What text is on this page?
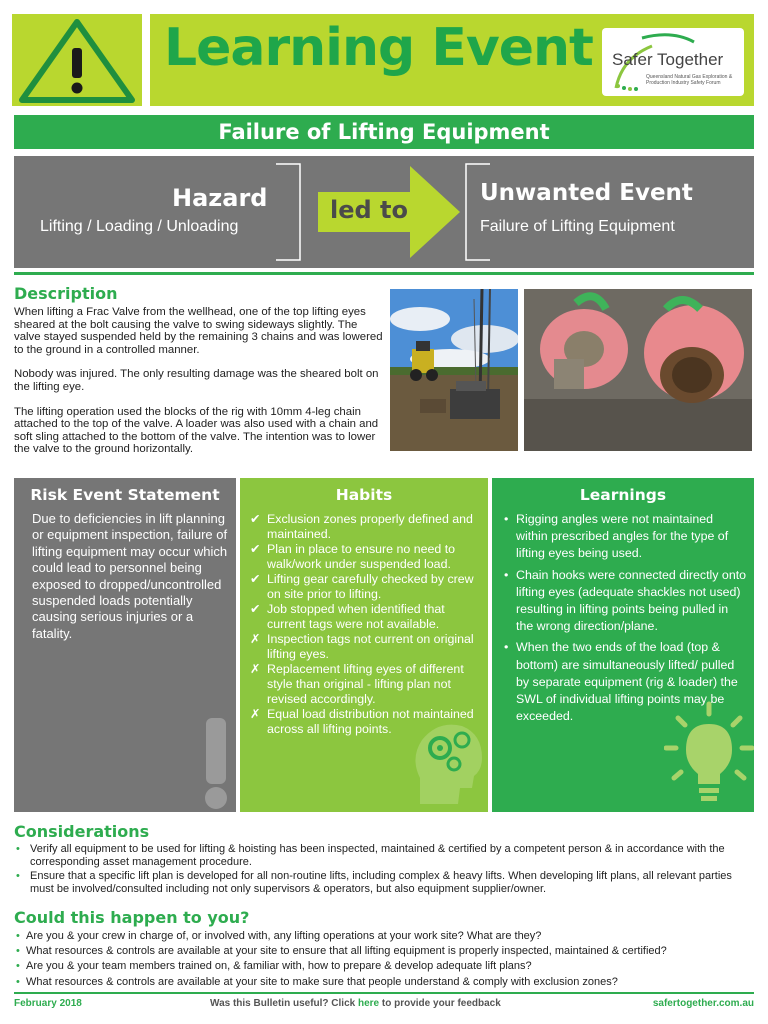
Learning Event Safer Together
Queensland Natural Gas Exploration & Production Industry Safety Forum
Failure of Lifting Equipment
Hazard
Lifting / Loading / Unloading
led to
Unwanted Event
Failure of Lifting Equipment
Description

When lifting a Frac Valve from the wellhead, one of the top lifting eyes sheared at the bolt causing the valve to swing sideways slightly. The valve stayed suspended held by the remaining 3 chains and was lowered to the ground in a controlled manner.

Nobody was injured. The only resulting damage was the sheared bolt on the lifting eye.

The lifting operation used the blocks of the rig with 10mm 4-leg chain attached to the top of the valve. A loader was also used with a chain and soft sling attached to the bottom of the valve. The intention was to lower the valve to the ground horizontally.

Risk Event Statement
Due to deficiencies in lift planning or equipment inspection, failure of lifting equipment may occur which could lead to personnel being exposed to dropped/uncontrolled suspended loads potentially causing serious injuries or a fatality.
Habits
✔ Exclusion zones properly defined and maintained.
✔ Plan in place to ensure no need to walk/work under suspended load.
✔ Lifting gear carefully checked by crew on site prior to lifting.
✔ Job stopped when identified that current tags were not available.
✗ Inspection tags not current on original lifting eyes.
✗ Replacement lifting eyes of different style than original - lifting plan not revised accordingly.
✗ Equal load distribution not maintained across all lifting points.
Learnings
• Rigging angles were not maintained within prescribed angles for the type of lifting eyes being used.
• Chain hooks were connected directly onto lifting eyes (adequate shackles not used) resulting in lifting points being pulled in the wrong direction/plane.
• When the two ends of the load (top & bottom) are simultaneously lifted/ pulled by separate equipment (rig & loader) the SWL of individual lifting points may be exceeded.
Considerations
• Verify all equipment to be used for lifting & hoisting has been inspected, maintained & certified by a competent person & in accordance with the corresponding asset management procedure.
• Ensure that a specific lift plan is developed for all non-routine lifts, including complex & heavy lifts. When developing lift plans, all relevant parties must be involved/consulted including not only supervisors & operators, but also equipment supplier/owner.
Could this happen to you?
• Are you & your crew in charge of, or involved with, any lifting operations at your work site? What are they?
• What resources & controls are available at your site to ensure that all lifting equipment is properly inspected, maintained & certified?
• Are you & your team members trained on, & familiar with, how to prepare & develop adequate lift plans?
• What resources & controls are available at your site to make sure that people understand & comply with exclusion zones?
February 2018	Was this Bulletin useful? Click here to provide your feedback	safertogether.com.au
